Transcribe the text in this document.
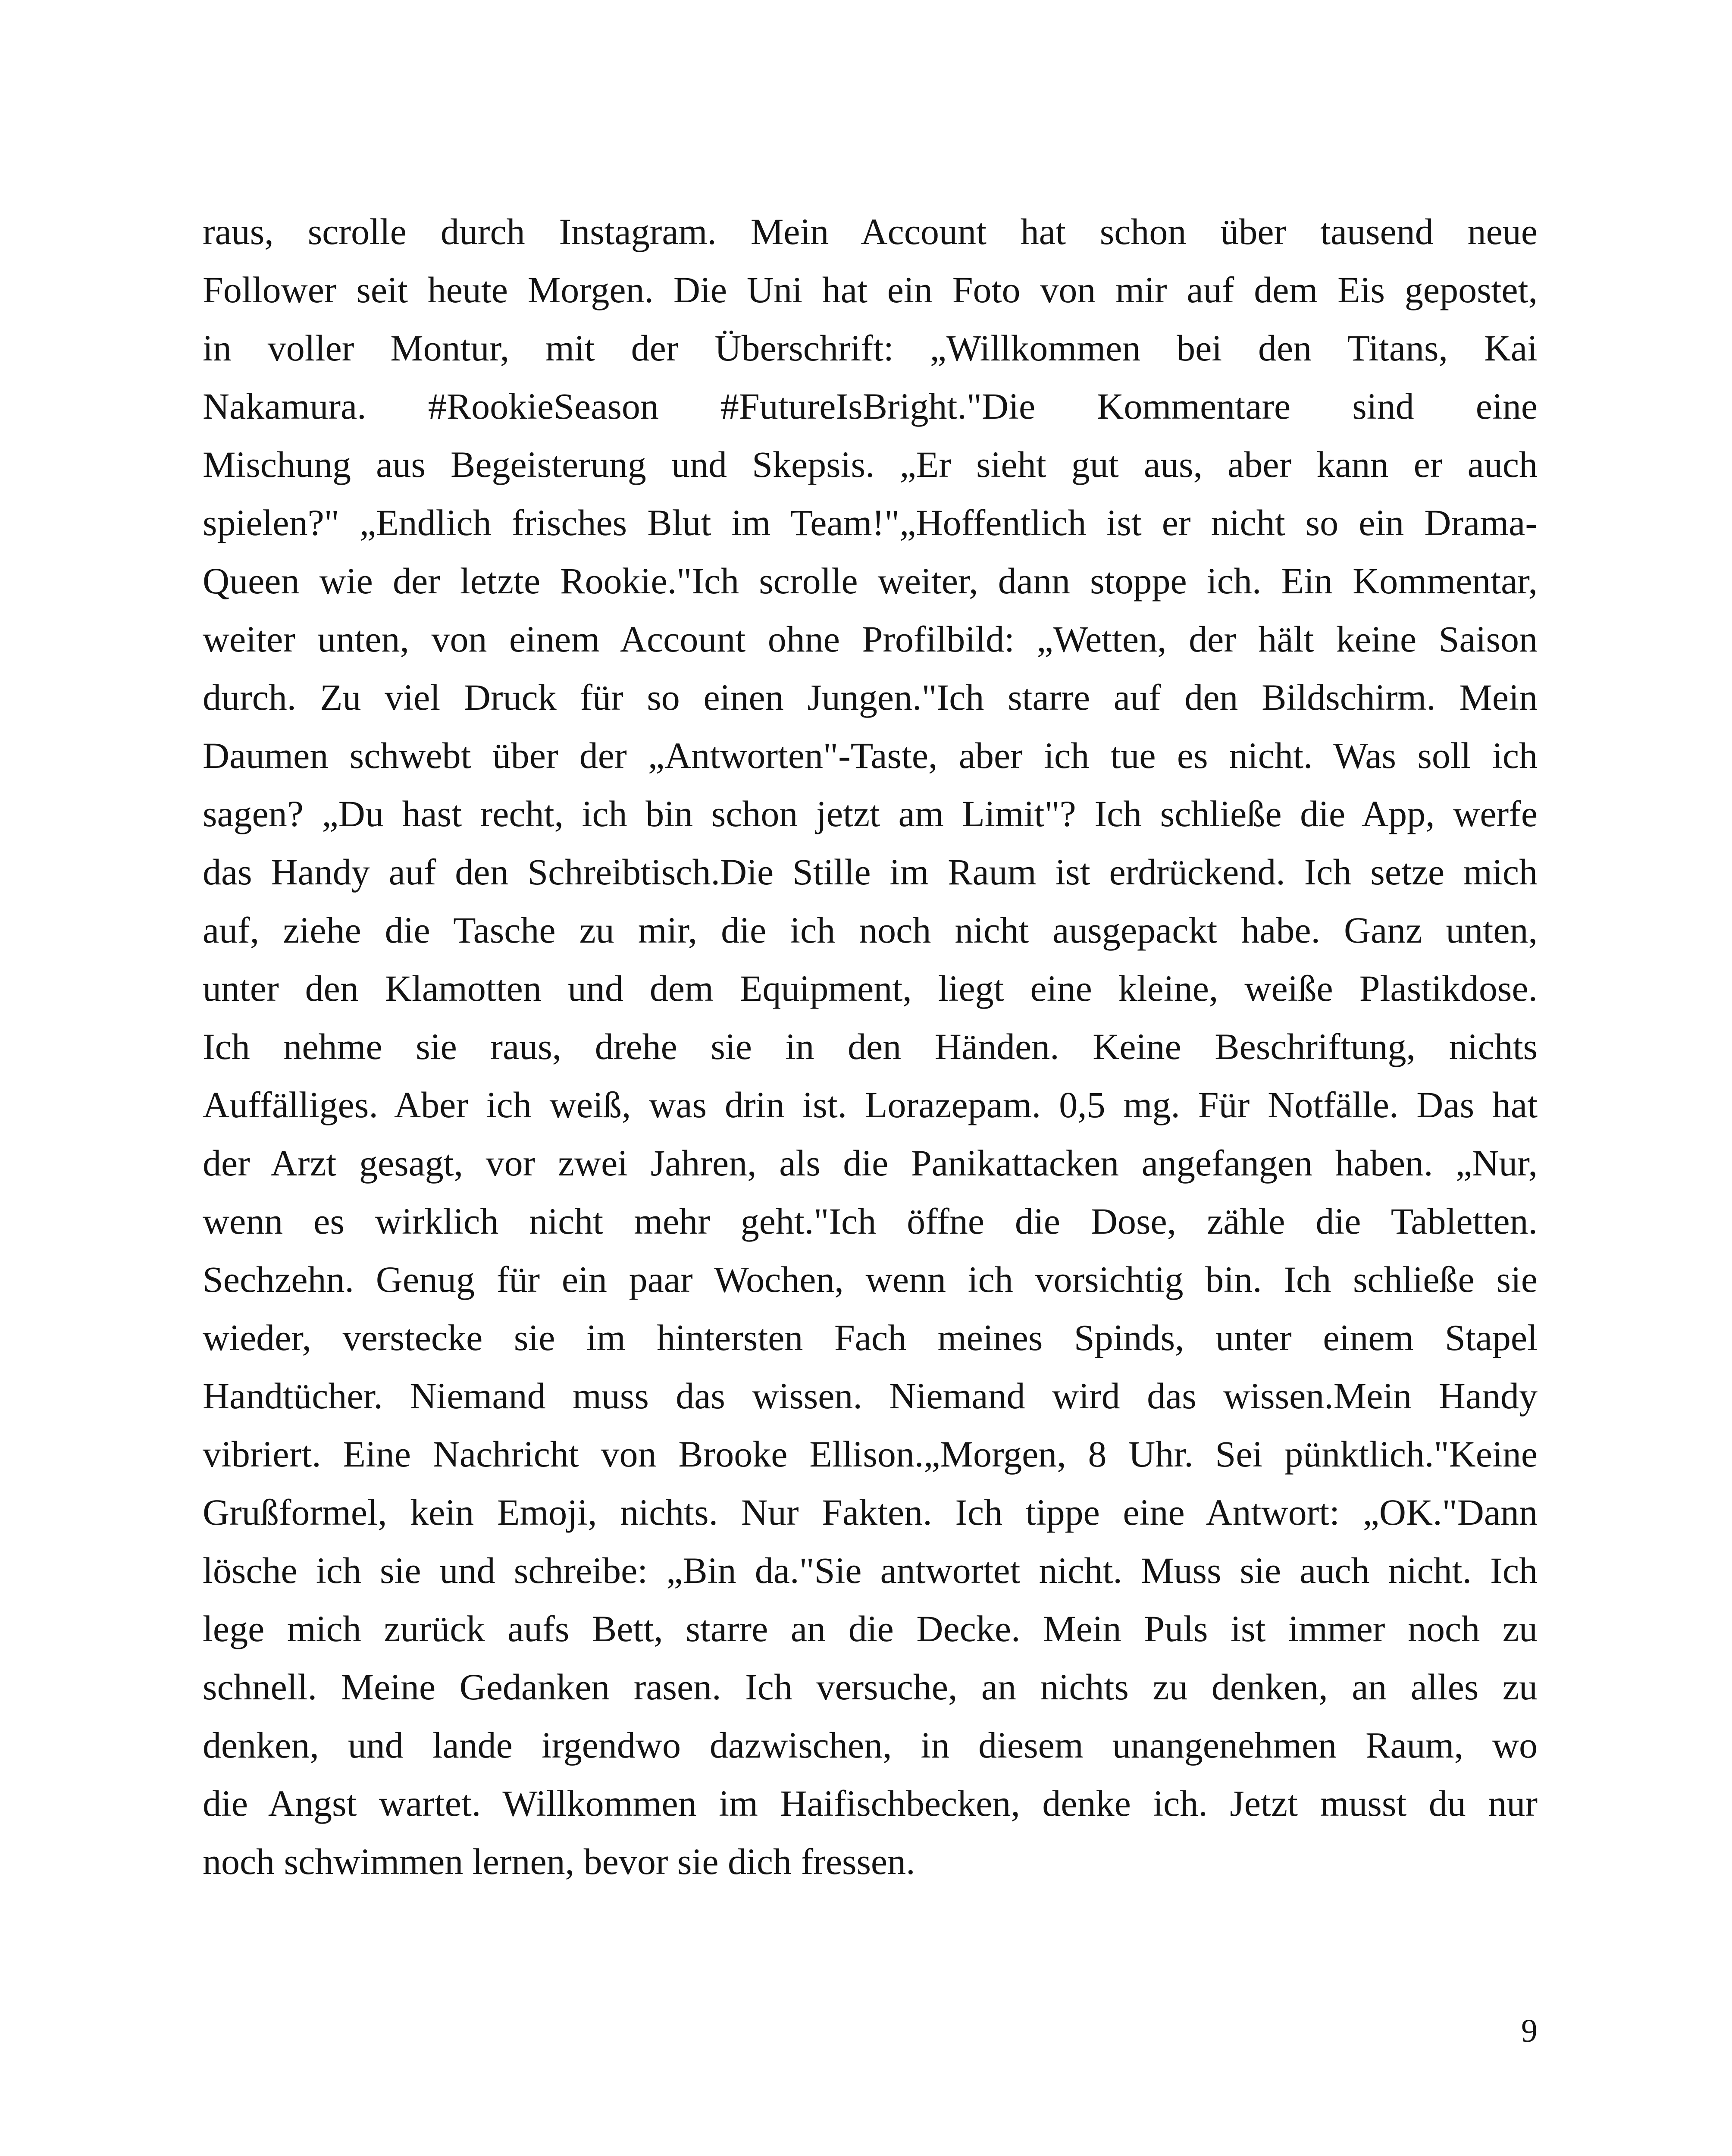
raus, scrolle durch Instagram. Mein Account hat schon über tausend neue
Follower seit heute Morgen. Die Uni hat ein Foto von mir auf dem Eis gepostet,
in voller Montur, mit der Überschrift: „Willkommen bei den Titans, Kai
Nakamura. #RookieSeason #FutureIsBright."Die Kommentare sind eine
Mischung aus Begeisterung und Skepsis. „Er sieht gut aus, aber kann er auch
spielen?" „Endlich frisches Blut im Team!"„Hoffentlich ist er nicht so ein Drama-
Queen wie der letzte Rookie."Ich scrolle weiter, dann stoppe ich. Ein Kommentar,
weiter unten, von einem Account ohne Profilbild: „Wetten, der hält keine Saison
durch. Zu viel Druck für so einen Jungen."Ich starre auf den Bildschirm. Mein
Daumen schwebt über der „Antworten"-Taste, aber ich tue es nicht. Was soll ich
sagen? „Du hast recht, ich bin schon jetzt am Limit"? Ich schließe die App, werfe
das Handy auf den Schreibtisch.Die Stille im Raum ist erdrückend. Ich setze mich
auf, ziehe die Tasche zu mir, die ich noch nicht ausgepackt habe. Ganz unten,
unter den Klamotten und dem Equipment, liegt eine kleine, weiße Plastikdose.
Ich nehme sie raus, drehe sie in den Händen. Keine Beschriftung, nichts
Auffälliges. Aber ich weiß, was drin ist. Lorazepam. 0,5 mg. Für Notfälle. Das hat
der Arzt gesagt, vor zwei Jahren, als die Panikattacken angefangen haben. „Nur,
wenn es wirklich nicht mehr geht."Ich öffne die Dose, zähle die Tabletten.
Sechzehn. Genug für ein paar Wochen, wenn ich vorsichtig bin. Ich schließe sie
wieder, verstecke sie im hintersten Fach meines Spinds, unter einem Stapel
Handtücher. Niemand muss das wissen. Niemand wird das wissen.Mein Handy
vibriert. Eine Nachricht von Brooke Ellison.„Morgen, 8 Uhr. Sei pünktlich."Keine
Grußformel, kein Emoji, nichts. Nur Fakten. Ich tippe eine Antwort: „OK."Dann
lösche ich sie und schreibe: „Bin da."Sie antwortet nicht. Muss sie auch nicht. Ich
lege mich zurück aufs Bett, starre an die Decke. Mein Puls ist immer noch zu
schnell. Meine Gedanken rasen. Ich versuche, an nichts zu denken, an alles zu
denken, und lande irgendwo dazwischen, in diesem unangenehmen Raum, wo
die Angst wartet. Willkommen im Haifischbecken, denke ich. Jetzt musst du nur
noch schwimmen lernen, bevor sie dich fressen.
9
